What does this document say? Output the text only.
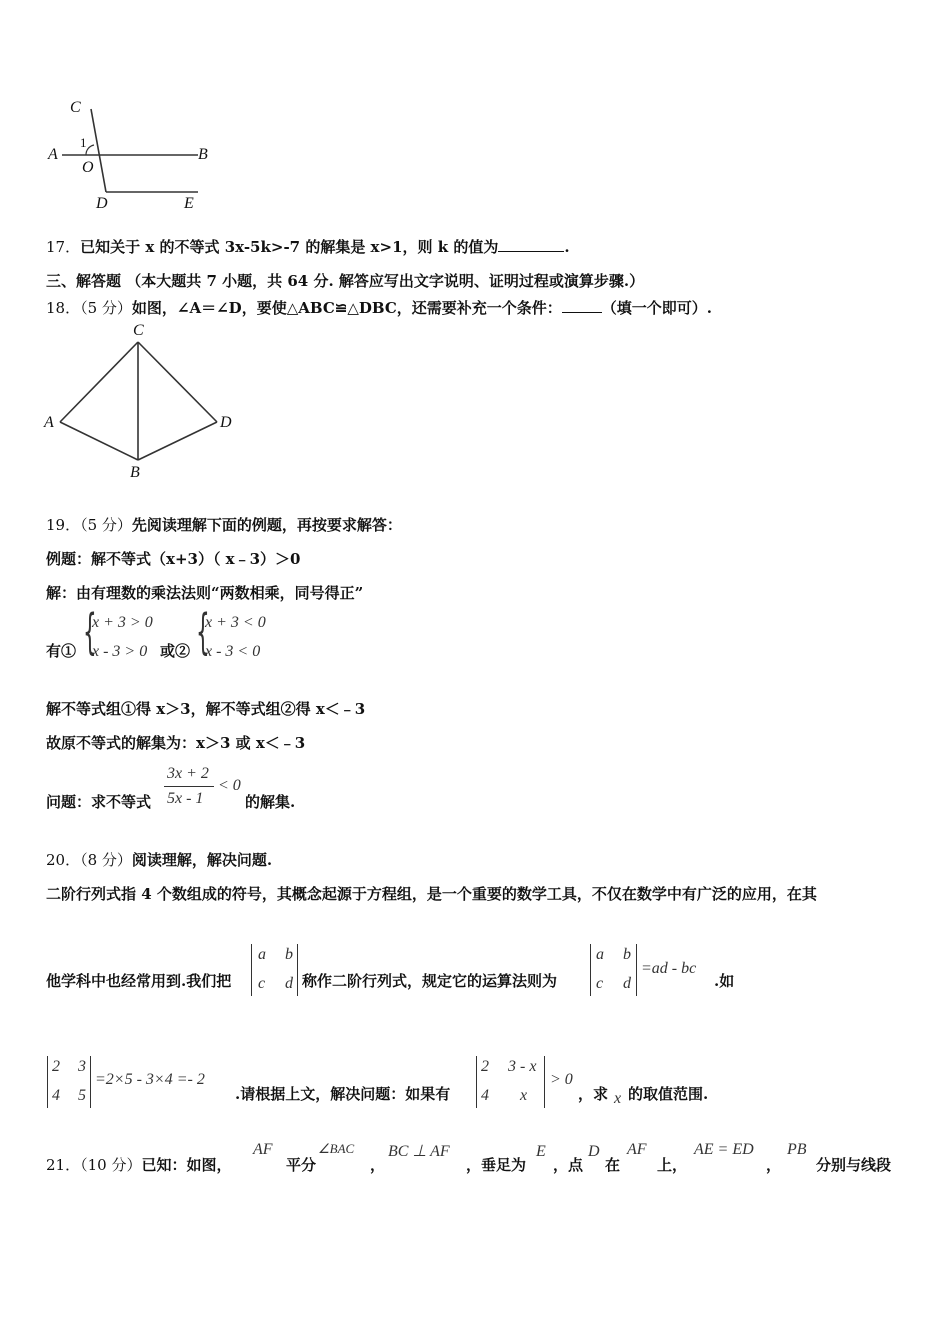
C
1
A
O
B
D	E
17．已知关于 x 的不等式 3x-5k>-7 的解集是 x>1，则 k 的值为	.
三、解答题 （本大题共 7 小题，共 64 分. 解答应写出文字说明、证明过程或演算步骤.）
18．（5 分）如图，∠A＝∠D，要使△ABC≌△DBC，还需要补充一个条件：	（填一个即可）.
C
A	D
B
19．（5 分）先阅读理解下面的例题，再按要求解答：
例题：解不等式（x+3）（ x﹣3）＞0
解：由有理数的乘法法则“两数相乘，同号得正”
有① {
x + 3 > 0
x - 3 > 0 或② {
x + 3 < 0
x - 3 < 0
解不等式组①得 x＞3，解不等式组②得 x＜﹣3
故原不等式的解集为：x＞3 或 x＜﹣3
问题：求不等式
3x + 2
5x - 1
< 0
的解集.
20．（8 分）阅读理解，解决问题.
二阶行列式指 4 个数组成的符号，其概念起源于方程组，是一个重要的数学工具，不仅在数学中有广泛的应用，在其
他学科中也经常用到.我们把
a b
c d 称作二阶行列式，规定它的运算法则为
a b
c d
=ad - bc
.如
2 3
4 5
=2×5 - 3×4 =- 2
.请根据上文，解决问题：如果有
2 3 - x
4 x
> 0
，求 x 的取值范围.
21．（10 分）已知：如图，
AF
平分
∠BAC
，
BC ⊥ AF
，垂足为
E
，点
D
在
AF
上，
AE = ED
，
PB
分别与线段
